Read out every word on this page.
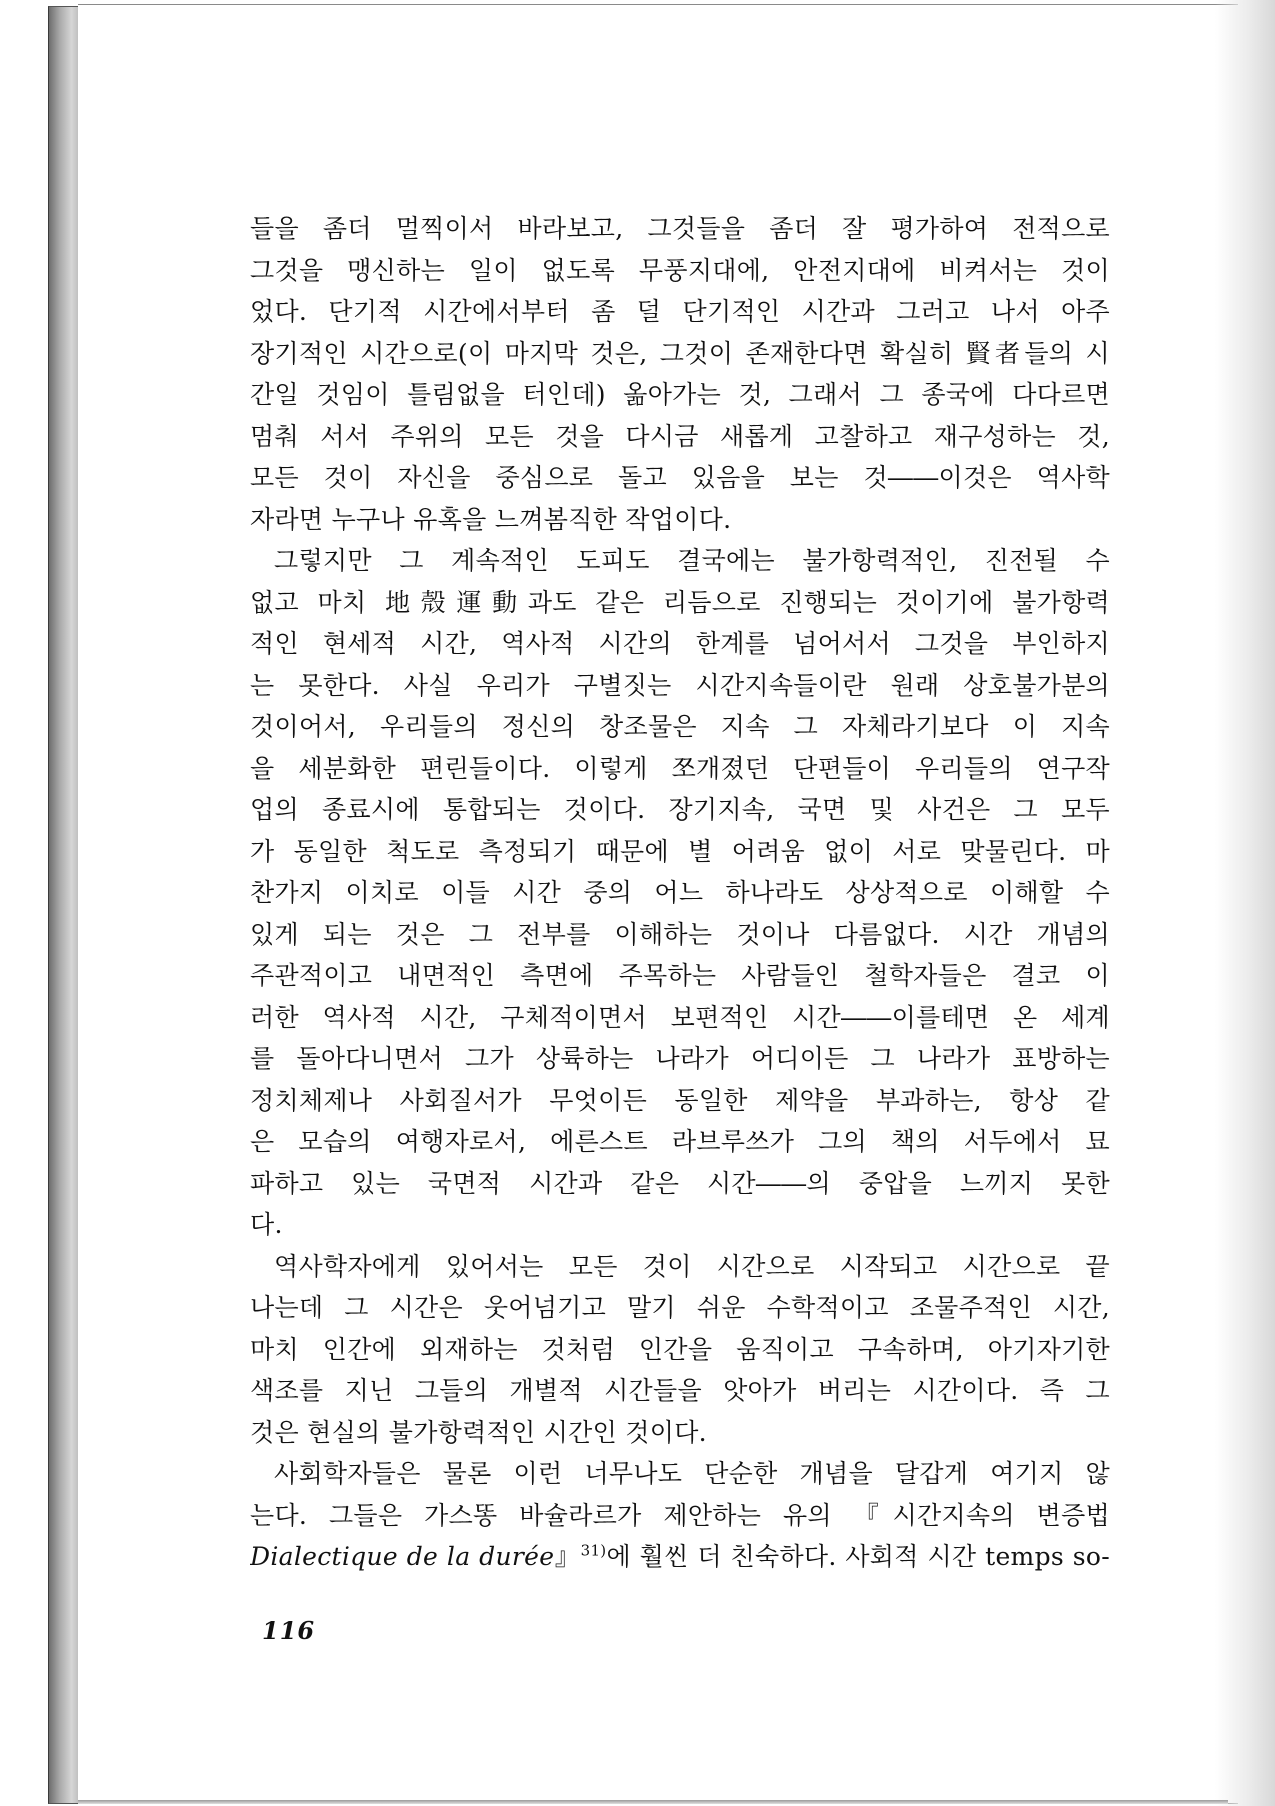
들을 좀더 멀찍이서 바라보고, 그것들을 좀더 잘 평가하여 전적으로
그것을 맹신하는 일이 없도록 무풍지대에, 안전지대에 비켜서는 것이
었다. 단기적 시간에서부터 좀 덜 단기적인 시간과 그러고 나서 아주
장기적인 시간으로(이 마지막 것은, 그것이 존재한다면 확실히 賢者들의 시
간일 것임이 틀림없을 터인데) 옮아가는 것, 그래서 그 종국에 다다르면
멈춰 서서 주위의 모든 것을 다시금 새롭게 고찰하고 재구성하는 것,
모든 것이 자신을 중심으로 돌고 있음을 보는 것――이것은 역사학
자라면 누구나 유혹을 느껴봄직한 작업이다.
그렇지만 그 계속적인 도피도 결국에는 불가항력적인, 진전될 수
없고 마치 地殼運動과도 같은 리듬으로 진행되는 것이기에 불가항력
적인 현세적 시간, 역사적 시간의 한계를 넘어서서 그것을 부인하지
는 못한다. 사실 우리가 구별짓는 시간지속들이란 원래 상호불가분의
것이어서, 우리들의 정신의 창조물은 지속 그 자체라기보다 이 지속
을 세분화한 편린들이다. 이렇게 쪼개졌던 단편들이 우리들의 연구작
업의 종료시에 통합되는 것이다. 장기지속, 국면 및 사건은 그 모두
가 동일한 척도로 측정되기 때문에 별 어려움 없이 서로 맞물린다. 마
찬가지 이치로 이들 시간 중의 어느 하나라도 상상적으로 이해할 수
있게 되는 것은 그 전부를 이해하는 것이나 다름없다. 시간 개념의
주관적이고 내면적인 측면에 주목하는 사람들인 철학자들은 결코 이
러한 역사적 시간, 구체적이면서 보편적인 시간――이를테면 온 세계
를 돌아다니면서 그가 상륙하는 나라가 어디이든 그 나라가 표방하는
정치체제나 사회질서가 무엇이든 동일한 제약을 부과하는, 항상 같
은 모습의 여행자로서, 에른스트 라브루쓰가 그의 책의 서두에서 묘
파하고 있는 국면적 시간과 같은 시간――의 중압을 느끼지 못한
다.
역사학자에게 있어서는 모든 것이 시간으로 시작되고 시간으로 끝
나는데 그 시간은 웃어넘기고 말기 쉬운 수학적이고 조물주적인 시간,
마치 인간에 외재하는 것처럼 인간을 움직이고 구속하며, 아기자기한
색조를 지닌 그들의 개별적 시간들을 앗아가 버리는 시간이다. 즉 그
것은 현실의 불가항력적인 시간인 것이다.
사회학자들은 물론 이런 너무나도 단순한 개념을 달갑게 여기지 않
는다. 그들은 가스똥 바슐라르가 제안하는 유의 『시간지속의 변증법
Dialectique de la durée』$^{31)}$에 훨씬 더 친숙하다. 사회적 시간 temps so-
116
